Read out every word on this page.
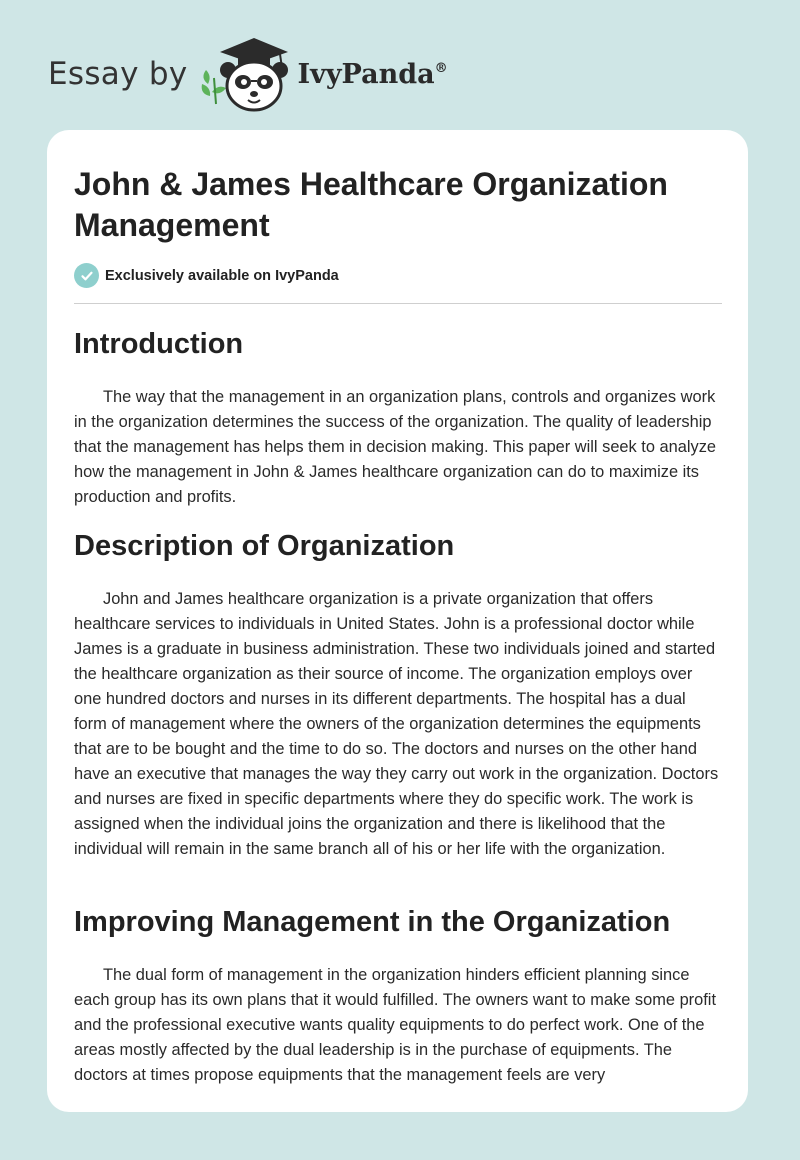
Essay by	IvyPanda®
John & James Healthcare Organization Management
Exclusively available on IvyPanda
Introduction

The way that the management in an organization plans, controls and organizes work in the organization determines the success of the organization. The quality of leadership that the management has helps them in decision making. This paper will seek to analyze how the management in John & James healthcare organization can do to maximize its production and profits.

Description of Organization

John and James healthcare organization is a private organization that offers healthcare services to individuals in United States. John is a professional doctor while James is a graduate in business administration. These two individuals joined and started the healthcare organization as their source of income. The organization employs over one hundred doctors and nurses in its different departments. The hospital has a dual form of management where the owners of the organization determines the equipments that are to be bought and the time to do so. The doctors and nurses on the other hand have an executive that manages the way they carry out work in the organization. Doctors and nurses are fixed in specific departments where they do specific work. The work is assigned when the individual joins the organization and there is likelihood that the individual will remain in the same branch all of his or her life with the organization.

Improving Management in the Organization

The dual form of management in the organization hinders efficient planning since each group has its own plans that it would fulfilled. The owners want to make some profit and the professional executive wants quality equipments to do perfect work. One of the areas mostly affected by the dual leadership is in the purchase of equipments. The doctors at times propose equipments that the management feels are very
